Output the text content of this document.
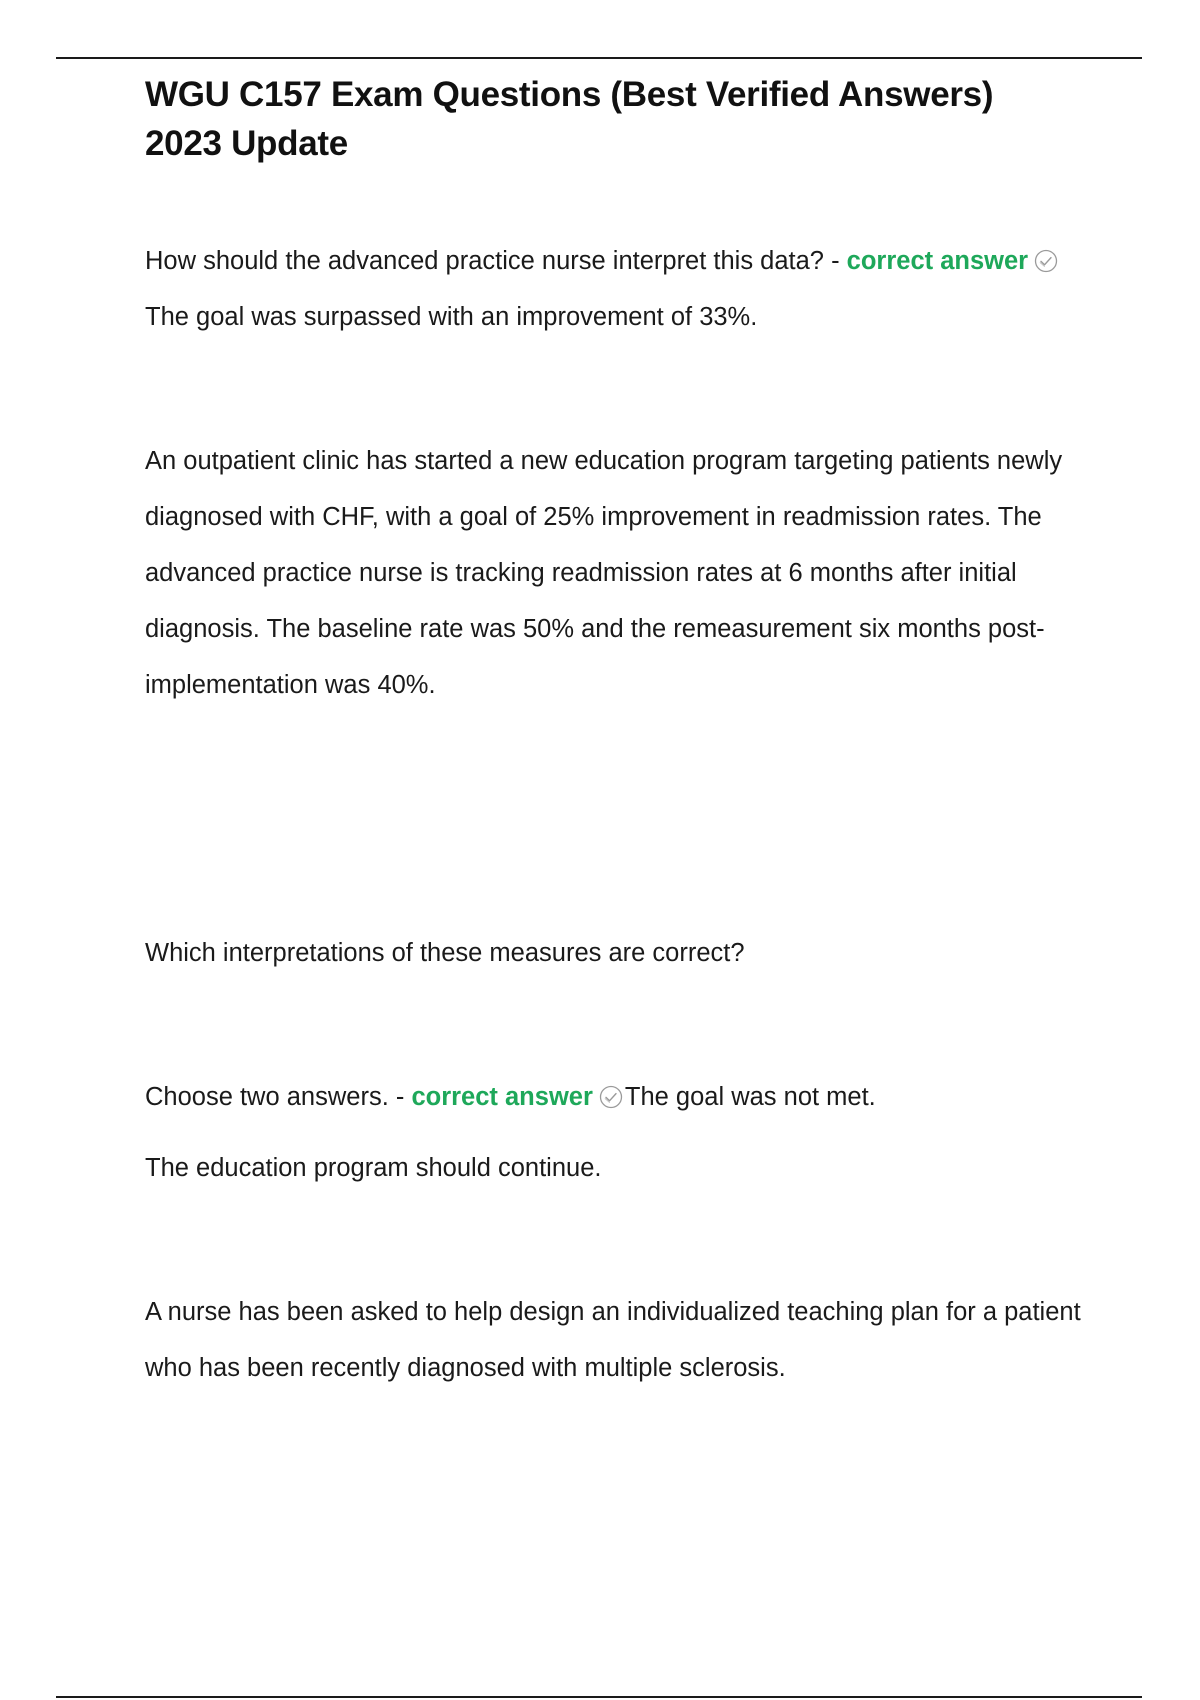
WGU C157 Exam Questions (Best Verified Answers)
2023 Update

How should the advanced practice nurse interpret this data? - correct answer
The goal was surpassed with an improvement of 33%.

An outpatient clinic has started a new education program targeting patients newly diagnosed with CHF, with a goal of 25% improvement in readmission rates. The advanced practice nurse is tracking readmission rates at 6 months after initial diagnosis. The baseline rate was 50% and the remeasurement six months post-implementation was 40%.

Which interpretations of these measures are correct?

Choose two answers. - correct answer The goal was not met.

The education program should continue.

A nurse has been asked to help design an individualized teaching plan for a patient who has been recently diagnosed with multiple sclerosis.
